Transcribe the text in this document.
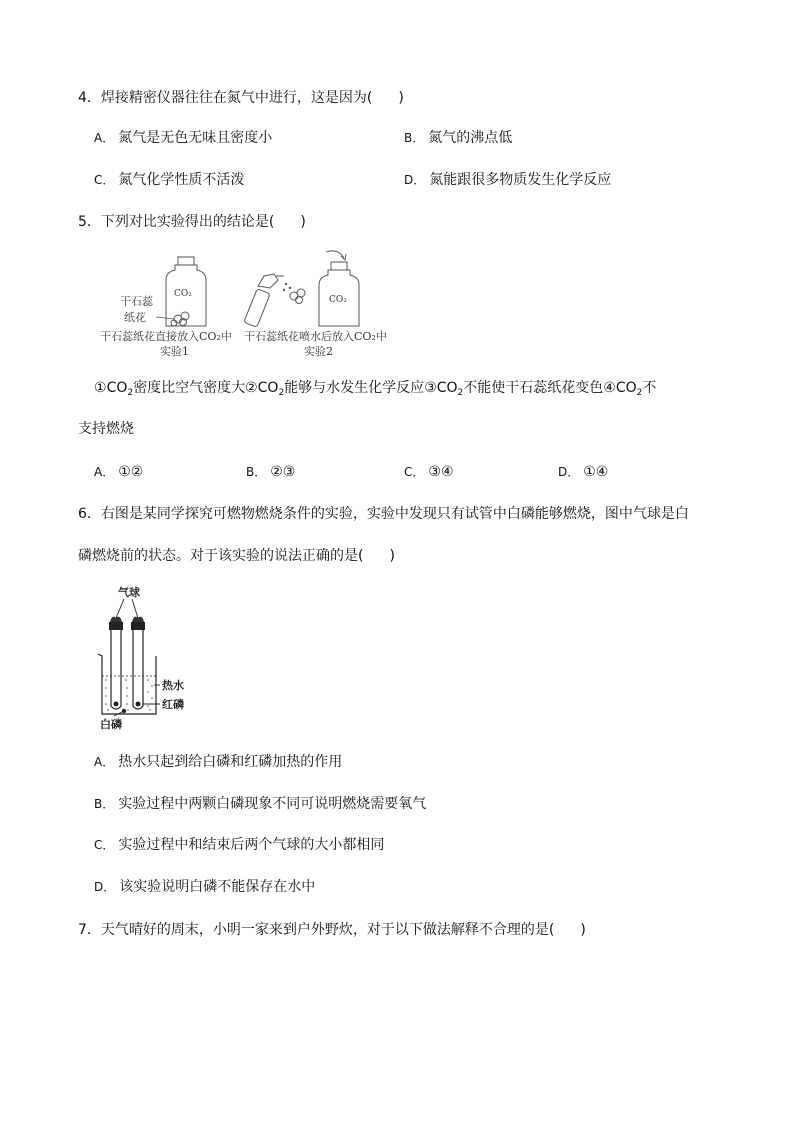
4．焊接精密仪器往往在氮气中进行，这是因为( )
A． 氮气是无色无味且密度小	B． 氮气的沸点低
C． 氮气化学性质不活泼	D． 氮能跟很多物质发生化学反应
5．下列对比实验得出的结论是( )
CO₂
干石蕊
纸花
干石蕊纸花直接放入CO₂中
实验1
CO₂
干石蕊纸花喷水后放入CO₂中
实验2
$①CO_2$密度比空气密度大$②CO_2$能够与水发生化学反应$③CO_2$不能使干石蕊纸花变色$④CO_2$不
支持燃烧
A． ①②	B． ②③	C． ③④	D． ①④
6．右图是某同学探究可燃物燃烧条件的实验，实验中发现只有试管中白磷能够燃烧，图中气球是白
磷燃烧前的状态。对于该实验的说法正确的是( )
气球
热水
红磷
白磷
A． 热水只起到给白磷和红磷加热的作用
B． 实验过程中两颗白磷现象不同可说明燃烧需要氧气
C． 实验过程中和结束后两个气球的大小都相同
D． 该实验说明白磷不能保存在水中
7．天气晴好的周末，小明一家来到户外野炊，对于以下做法解释不合理的是( )
